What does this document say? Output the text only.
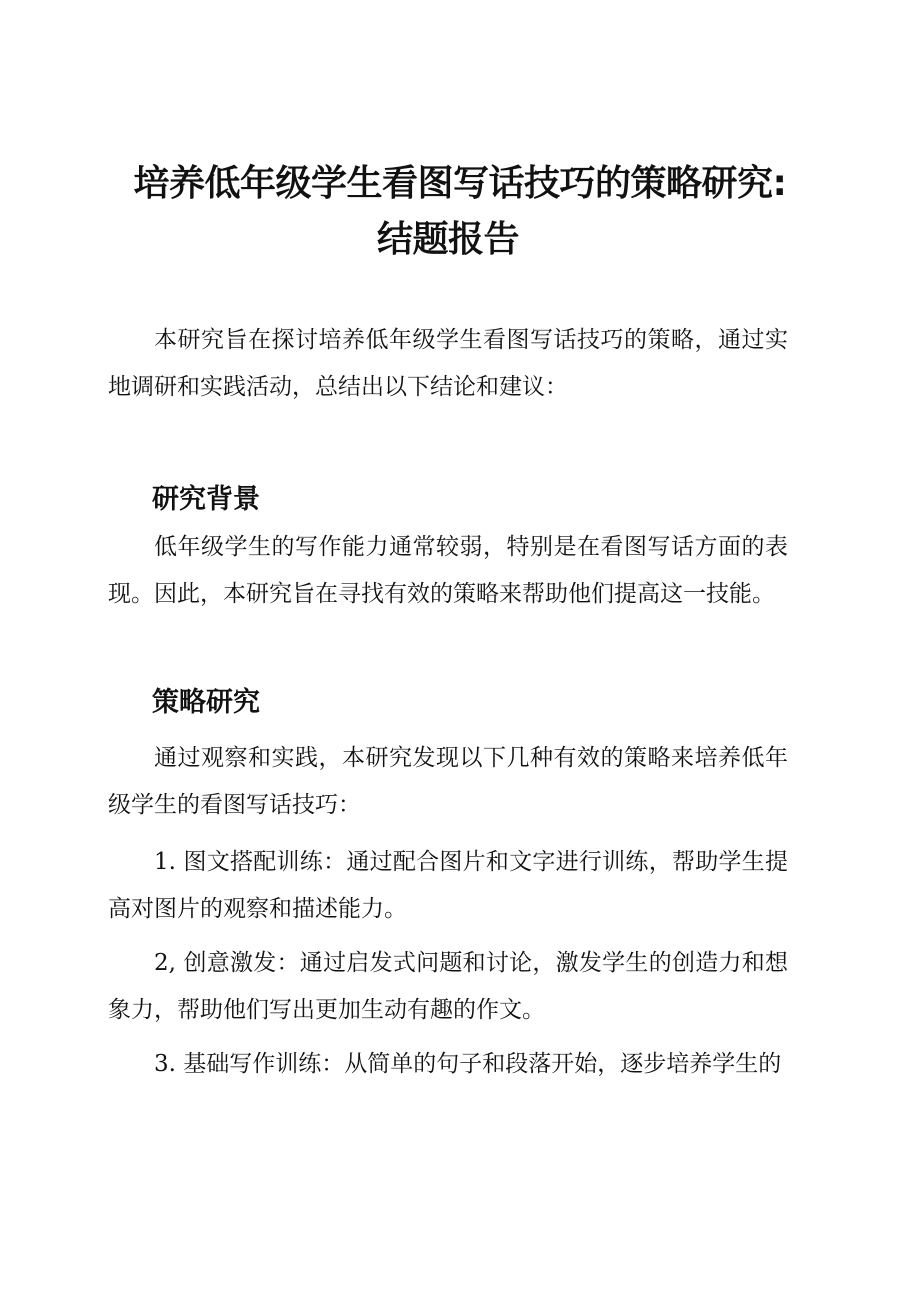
培养低年级学生看图写话技巧的策略研究:
结题报告

本研究旨在探讨培养低年级学生看图写话技巧的策略，通过实地调研和实践活动，总结出以下结论和建议：

研究背景

低年级学生的写作能力通常较弱，特别是在看图写话方面的表现。因此，本研究旨在寻找有效的策略来帮助他们提高这一技能。

策略研究

通过观察和实践，本研究发现以下几种有效的策略来培养低年级学生的看图写话技巧：

1. 图文搭配训练：通过配合图片和文字进行训练，帮助学生提高对图片的观察和描述能力。

2, 创意激发：通过启发式问题和讨论，激发学生的创造力和想象力，帮助他们写出更加生动有趣的作文。

3. 基础写作训练：从简单的句子和段落开始，逐步培养学生的
